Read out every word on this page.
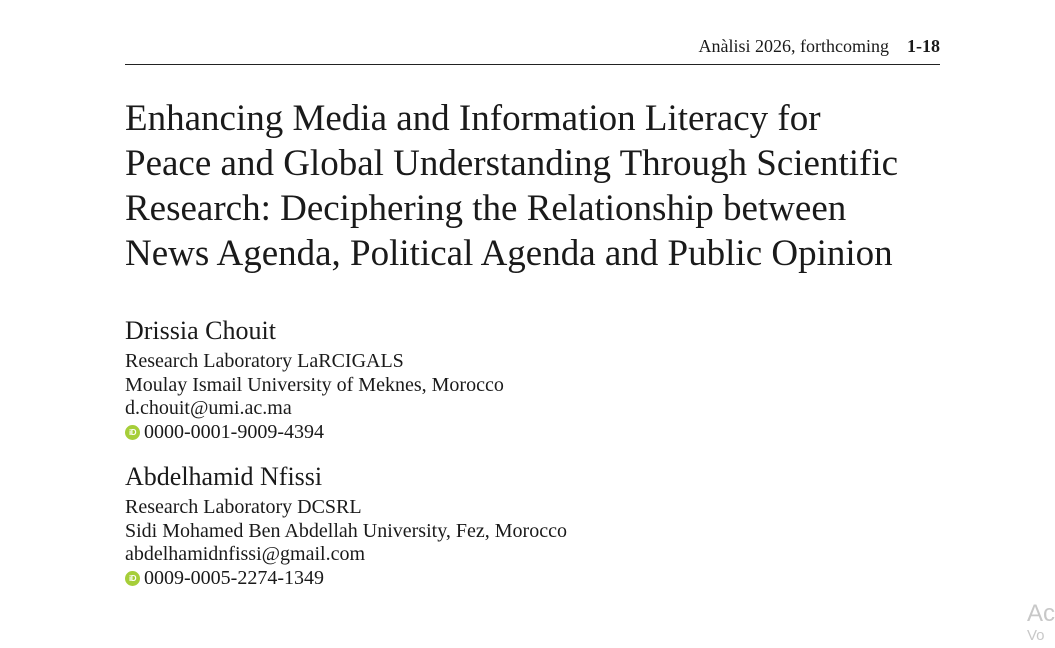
Anàlisi 2026, forthcoming 1-18
Enhancing Media and Information Literacy for
Peace and Global Understanding Through Scientific
Research: Deciphering the Relationship between
News Agenda, Political Agenda and Public Opinion
Drissia Chouit
Research Laboratory LaRCIGALS
Moulay Ismail University of Meknes, Morocco
d.chouit@umi.ac.ma
iD 0000-0001-9009-4394
Abdelhamid Nfissi
Research Laboratory DCSRL
Sidi Mohamed Ben Abdellah University, Fez, Morocco
abdelhamidnfissi@gmail.com
iD 0009-0005-2274-1349
Ac
Vo
